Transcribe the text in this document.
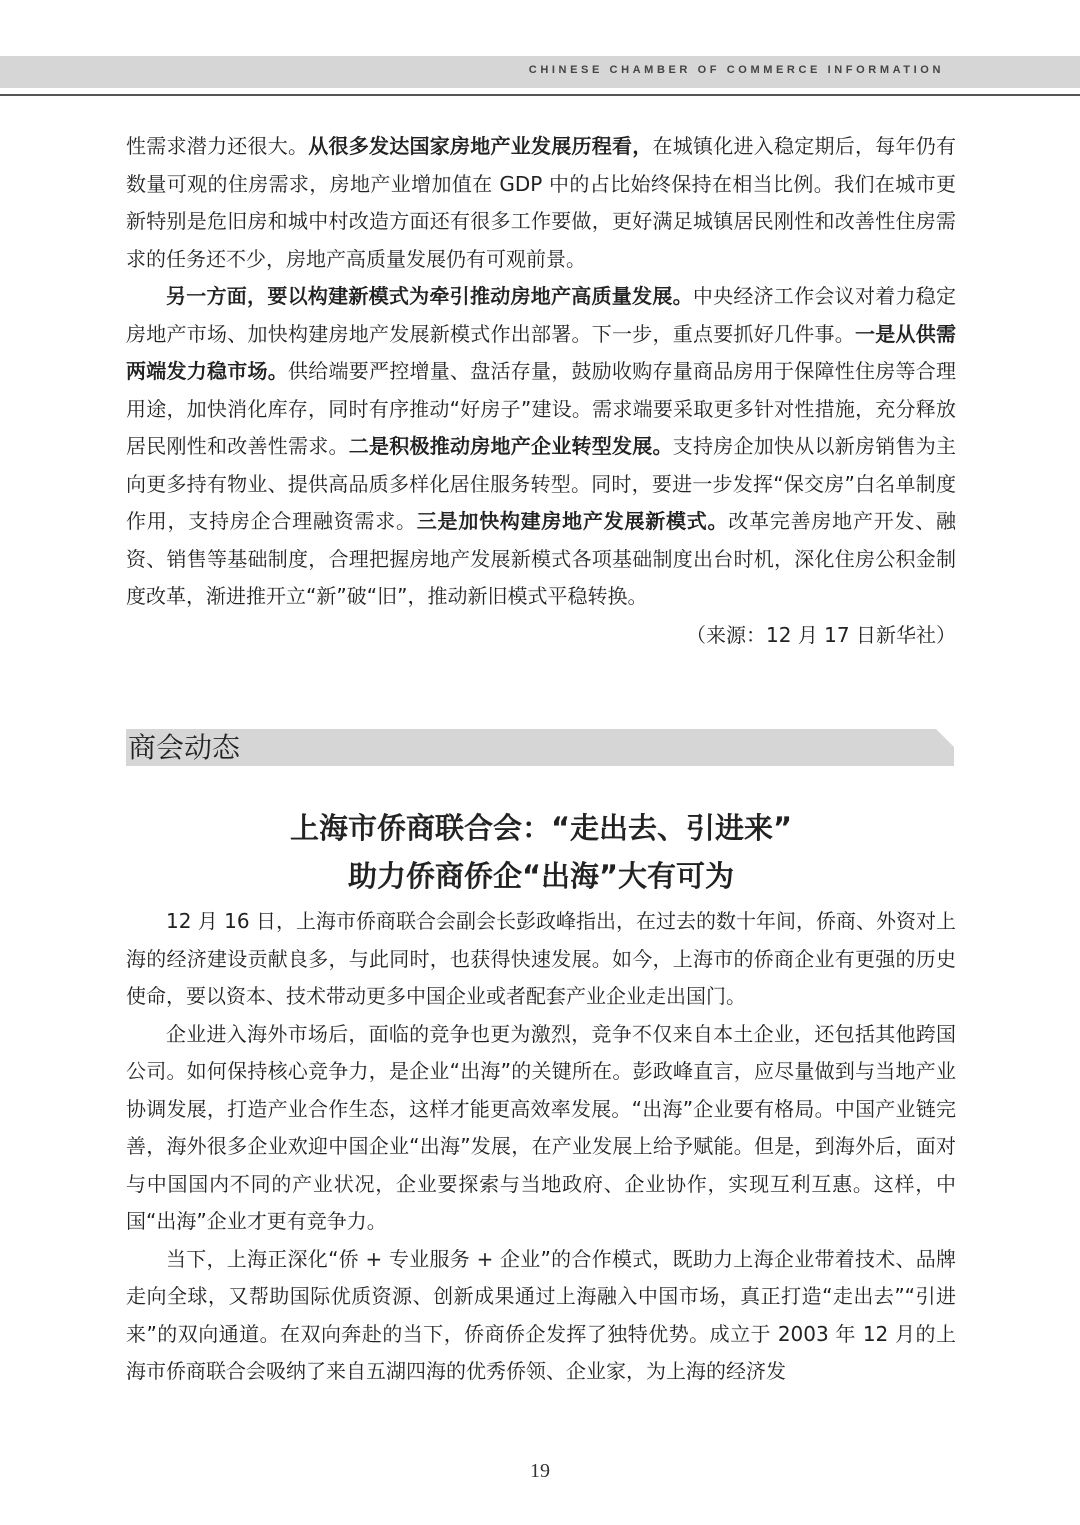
CHINESE CHAMBER OF COMMERCE INFORMATION

性需求潜力还很大。从很多发达国家房地产业发展历程看，在城镇化进入稳定期后，每年仍有数量可观的住房需求，房地产业增加值在 GDP 中的占比始终保持在相当比例。我们在城市更新特别是危旧房和城中村改造方面还有很多工作要做，更好满足城镇居民刚性和改善性住房需求的任务还不少，房地产高质量发展仍有可观前景。

另一方面，要以构建新模式为牵引推动房地产高质量发展。中央经济工作会议对着力稳定房地产市场、加快构建房地产发展新模式作出部署。下一步，重点要抓好几件事。一是从供需两端发力稳市场。供给端要严控增量、盘活存量，鼓励收购存量商品房用于保障性住房等合理用途，加快消化库存，同时有序推动“好房子”建设。需求端要采取更多针对性措施，充分释放居民刚性和改善性需求。二是积极推动房地产企业转型发展。支持房企加快从以新房销售为主向更多持有物业、提供高品质多样化居住服务转型。同时，要进一步发挥“保交房”白名单制度作用，支持房企合理融资需求。三是加快构建房地产发展新模式。改革完善房地产开发、融资、销售等基础制度，合理把握房地产发展新模式各项基础制度出台时机，深化住房公积金制度改革，渐进推开立“新”破“旧”，推动新旧模式平稳转换。

（来源：12 月 17 日新华社）

商会动态
上海市侨商联合会：“走出去、引进来”
助力侨商侨企“出海”大有可为

12 月 16 日，上海市侨商联合会副会长彭政峰指出，在过去的数十年间，侨商、外资对上海的经济建设贡献良多，与此同时，也获得快速发展。如今，上海市的侨商企业有更强的历史使命，要以资本、技术带动更多中国企业或者配套产业企业走出国门。

企业进入海外市场后，面临的竞争也更为激烈，竞争不仅来自本土企业，还包括其他跨国公司。如何保持核心竞争力，是企业“出海”的关键所在。彭政峰直言，应尽量做到与当地产业协调发展，打造产业合作生态，这样才能更高效率发展。“出海”企业要有格局。中国产业链完善，海外很多企业欢迎中国企业“出海”发展，在产业发展上给予赋能。但是，到海外后，面对与中国国内不同的产业状况，企业要探索与当地政府、企业协作，实现互利互惠。这样，中国“出海”企业才更有竞争力。

当下，上海正深化“侨 + 专业服务 + 企业”的合作模式，既助力上海企业带着技术、品牌走向全球，又帮助国际优质资源、创新成果通过上海融入中国市场，真正打造“走出去”“引进来”的双向通道。在双向奔赴的当下，侨商侨企发挥了独特优势。成立于 2003 年 12 月的上海市侨商联合会吸纳了来自五湖四海的优秀侨领、企业家，为上海的经济发

19
